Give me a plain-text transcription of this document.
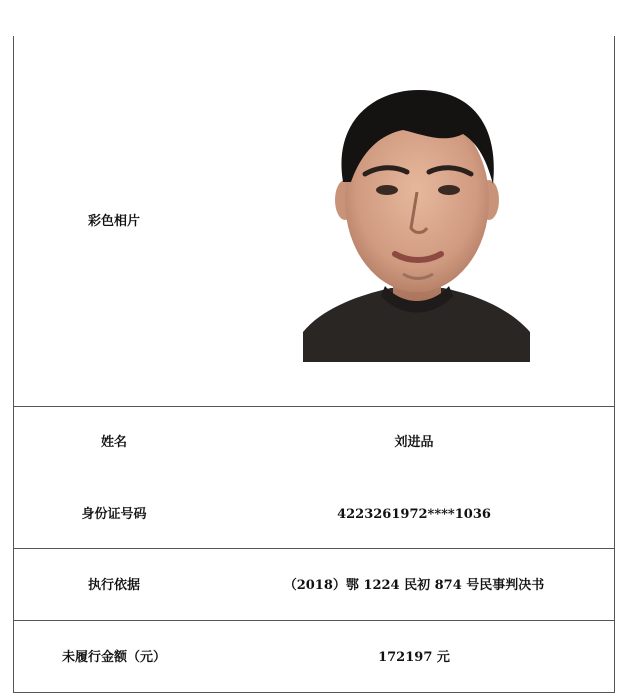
彩色相片
姓名	刘进品
身份证号码	4223261972****1036
执行依据	（2018）鄂 1224 民初 874 号民事判决书
未履行金额（元）	172197 元
